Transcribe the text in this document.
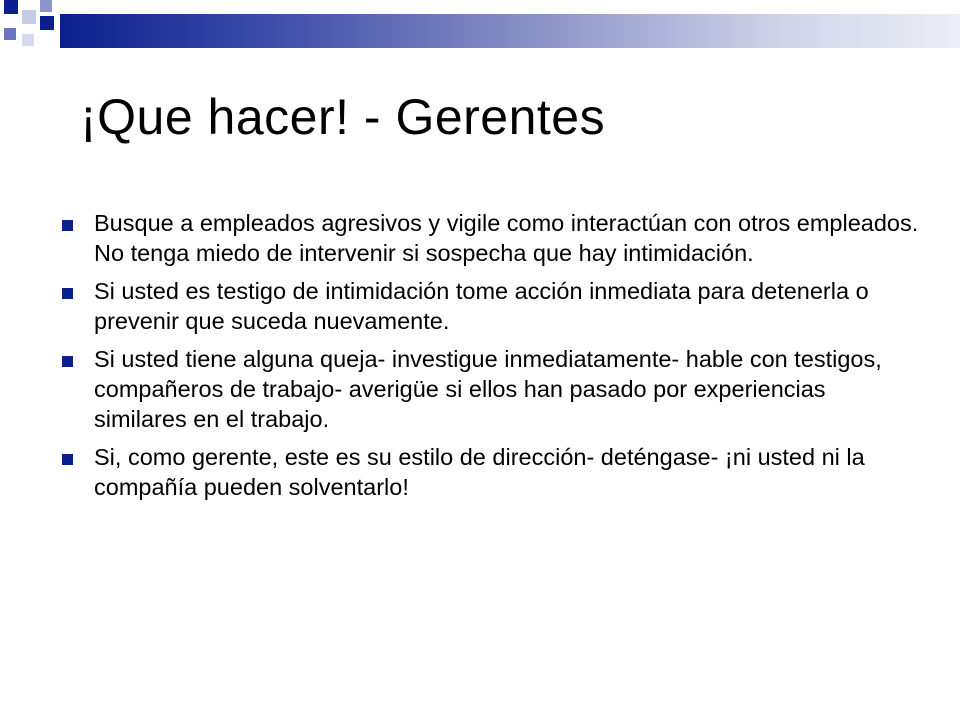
¡Que hacer! - Gerentes
Busque a empleados agresivos y vigile como interactúan con otros empleados. No tenga miedo de intervenir si sospecha que hay intimidación.
Si usted es testigo de intimidación tome acción inmediata para detenerla o prevenir que suceda nuevamente.
Si usted tiene alguna queja- investigue inmediatamente- hable con testigos, compañeros de trabajo- averigüe si ellos han pasado por experiencias similares en el trabajo.
Si, como gerente, este es su estilo de dirección- deténgase- ¡ni usted ni la compañía pueden solventarlo!
